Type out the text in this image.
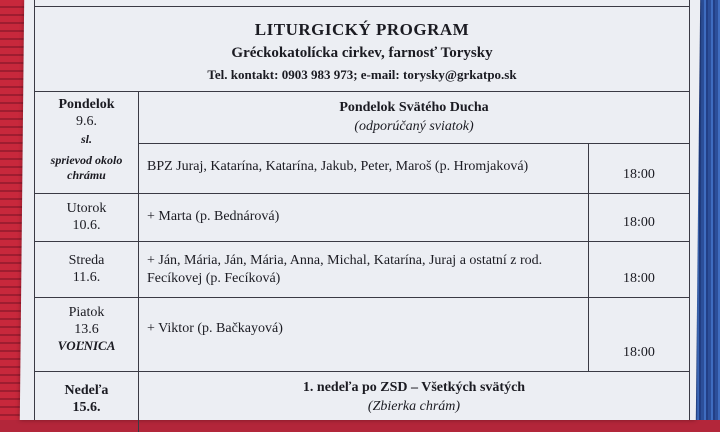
LITURGICKÝ PROGRAM
Gréckokatolícka cirkev, farnosť Torysky
Tel. kontakt: 0903 983 973; e-mail: torysky@grkatpo.sk
Pondelok
9.6.
sl.
sprievod okolo chrámu
Pondelok Svätého Ducha
(odporúčaný sviatok)
BPZ Juraj, Katarína, Katarína, Jakub, Peter, Maroš (p. Hromjaková)
18:00
Utorok
10.6.
+ Marta (p. Bednárová)	18:00
Streda
11.6.
+ Ján, Mária, Ján, Mária, Anna, Michal, Katarína, Juraj a ostatní z rod. Fecíkovej (p. Fecíková)	18:00
Piatok
13.6
VOĽNICA
+ Viktor (p. Bačkayová)
18:00
Nedeľa
15.6.
1. nedeľa po ZSD – Všetkých svätých
(Zbierka chrám)
